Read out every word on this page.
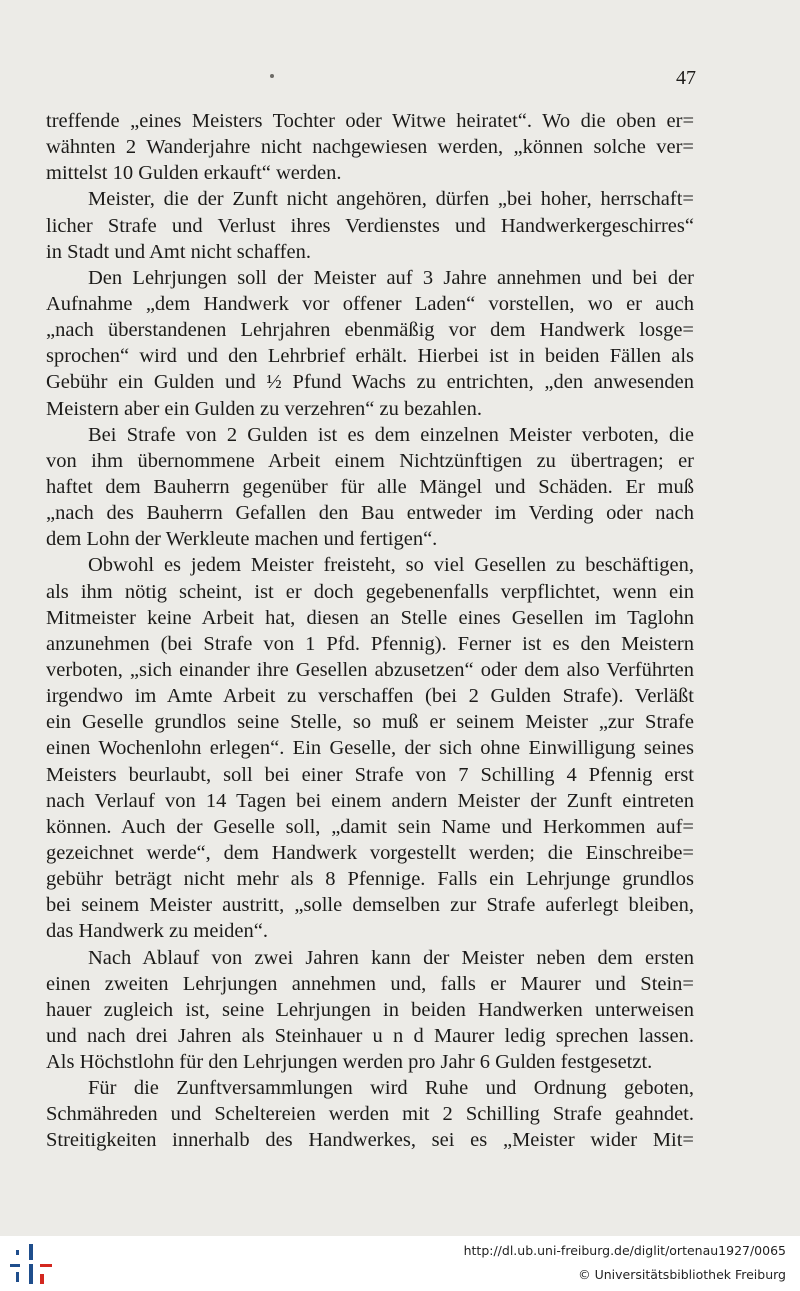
47
treffende „eines Meisters Tochter oder Witwe heiratet“. Wo die oben er=
wähnten 2 Wanderjahre nicht nachgewiesen werden, „können solche ver=
mittelst 10 Gulden erkauft“ werden.
Meister, die der Zunft nicht angehören, dürfen „bei hoher, herrschaft=
licher Strafe und Verlust ihres Verdienstes und Handwerkergeschirres“
in Stadt und Amt nicht schaffen.
Den Lehrjungen soll der Meister auf 3 Jahre annehmen und bei der
Aufnahme „dem Handwerk vor offener Laden“ vorstellen, wo er auch
„nach überstandenen Lehrjahren ebenmäßig vor dem Handwerk losge=
sprochen“ wird und den Lehrbrief erhält. Hierbei ist in beiden Fällen als
Gebühr ein Gulden und ½ Pfund Wachs zu entrichten, „den anwesenden
Meistern aber ein Gulden zu verzehren“ zu bezahlen.
Bei Strafe von 2 Gulden ist es dem einzelnen Meister verboten, die
von ihm übernommene Arbeit einem Nichtzünftigen zu übertragen; er
haftet dem Bauherrn gegenüber für alle Mängel und Schäden. Er muß
„nach des Bauherrn Gefallen den Bau entweder im Verding oder nach
dem Lohn der Werkleute machen und fertigen“.
Obwohl es jedem Meister freisteht, so viel Gesellen zu beschäftigen,
als ihm nötig scheint, ist er doch gegebenenfalls verpflichtet, wenn ein
Mitmeister keine Arbeit hat, diesen an Stelle eines Gesellen im Taglohn
anzunehmen (bei Strafe von 1 Pfd. Pfennig). Ferner ist es den Meistern
verboten, „sich einander ihre Gesellen abzusetzen“ oder dem also Verführten
irgendwo im Amte Arbeit zu verschaffen (bei 2 Gulden Strafe). Verläßt
ein Geselle grundlos seine Stelle, so muß er seinem Meister „zur Strafe
einen Wochenlohn erlegen“. Ein Geselle, der sich ohne Einwilligung seines
Meisters beurlaubt, soll bei einer Strafe von 7 Schilling 4 Pfennig erst
nach Verlauf von 14 Tagen bei einem andern Meister der Zunft eintreten
können. Auch der Geselle soll, „damit sein Name und Herkommen auf=
gezeichnet werde“, dem Handwerk vorgestellt werden; die Einschreibe=
gebühr beträgt nicht mehr als 8 Pfennige. Falls ein Lehrjunge grundlos
bei seinem Meister austritt, „solle demselben zur Strafe auferlegt bleiben,
das Handwerk zu meiden“.
Nach Ablauf von zwei Jahren kann der Meister neben dem ersten
einen zweiten Lehrjungen annehmen und, falls er Maurer und Stein=
hauer zugleich ist, seine Lehrjungen in beiden Handwerken unterweisen
und nach drei Jahren als Steinhauer u n d Maurer ledig sprechen lassen.
Als Höchstlohn für den Lehrjungen werden pro Jahr 6 Gulden festgesetzt.
Für die Zunftversammlungen wird Ruhe und Ordnung geboten,
Schmähreden und Scheltereien werden mit 2 Schilling Strafe geahndet.
Streitigkeiten innerhalb des Handwerkes, sei es „Meister wider Mit=
http://dl.ub.uni-freiburg.de/diglit/ortenau1927/0065
© Universitätsbibliothek Freiburg
